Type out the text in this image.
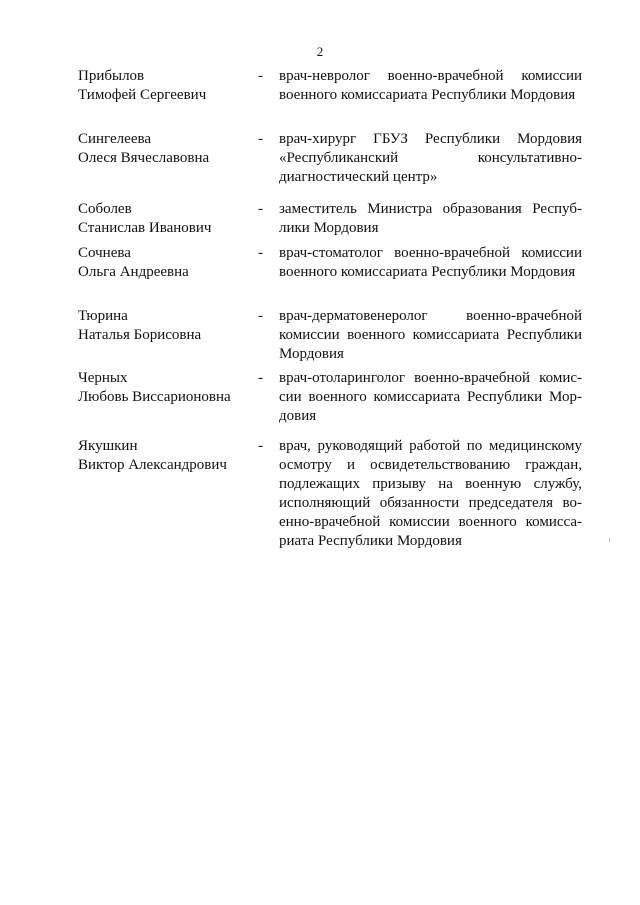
2
Прибылов
Тимофей Сергеевич
- врач-невролог военно-врачебной комиссии военного комиссариата Республики Мордовия
Сингелеева
Олеся Вячеславовна
- врач-хирург ГБУЗ Республики Мордовия «Республиканский консультативно-диагностический центр»
Соболев
Станислав Иванович
- заместитель Министра образования Республики Мордовия
Сочнева
Ольга Андреевна
- врач-стоматолог военно-врачебной комиссии военного комиссариата Республики Мордовия
Тюрина
Наталья Борисовна
- врач-дерматовенеролог военно-врачебной комиссии военного комиссариата Республики Мордовия
Черных
Любовь Виссарионовна
- врач-отоларинголог военно-врачебной комиссии военного комиссариата Республики Мордовия
Якушкин
Виктор Александрович
- врач, руководящий работой по медицинскому осмотру и освидетельствованию граждан, подлежащих призыву на военную службу, исполняющий обязанности председателя военно-врачебной комиссии военного комиссариата Республики Мордовия
